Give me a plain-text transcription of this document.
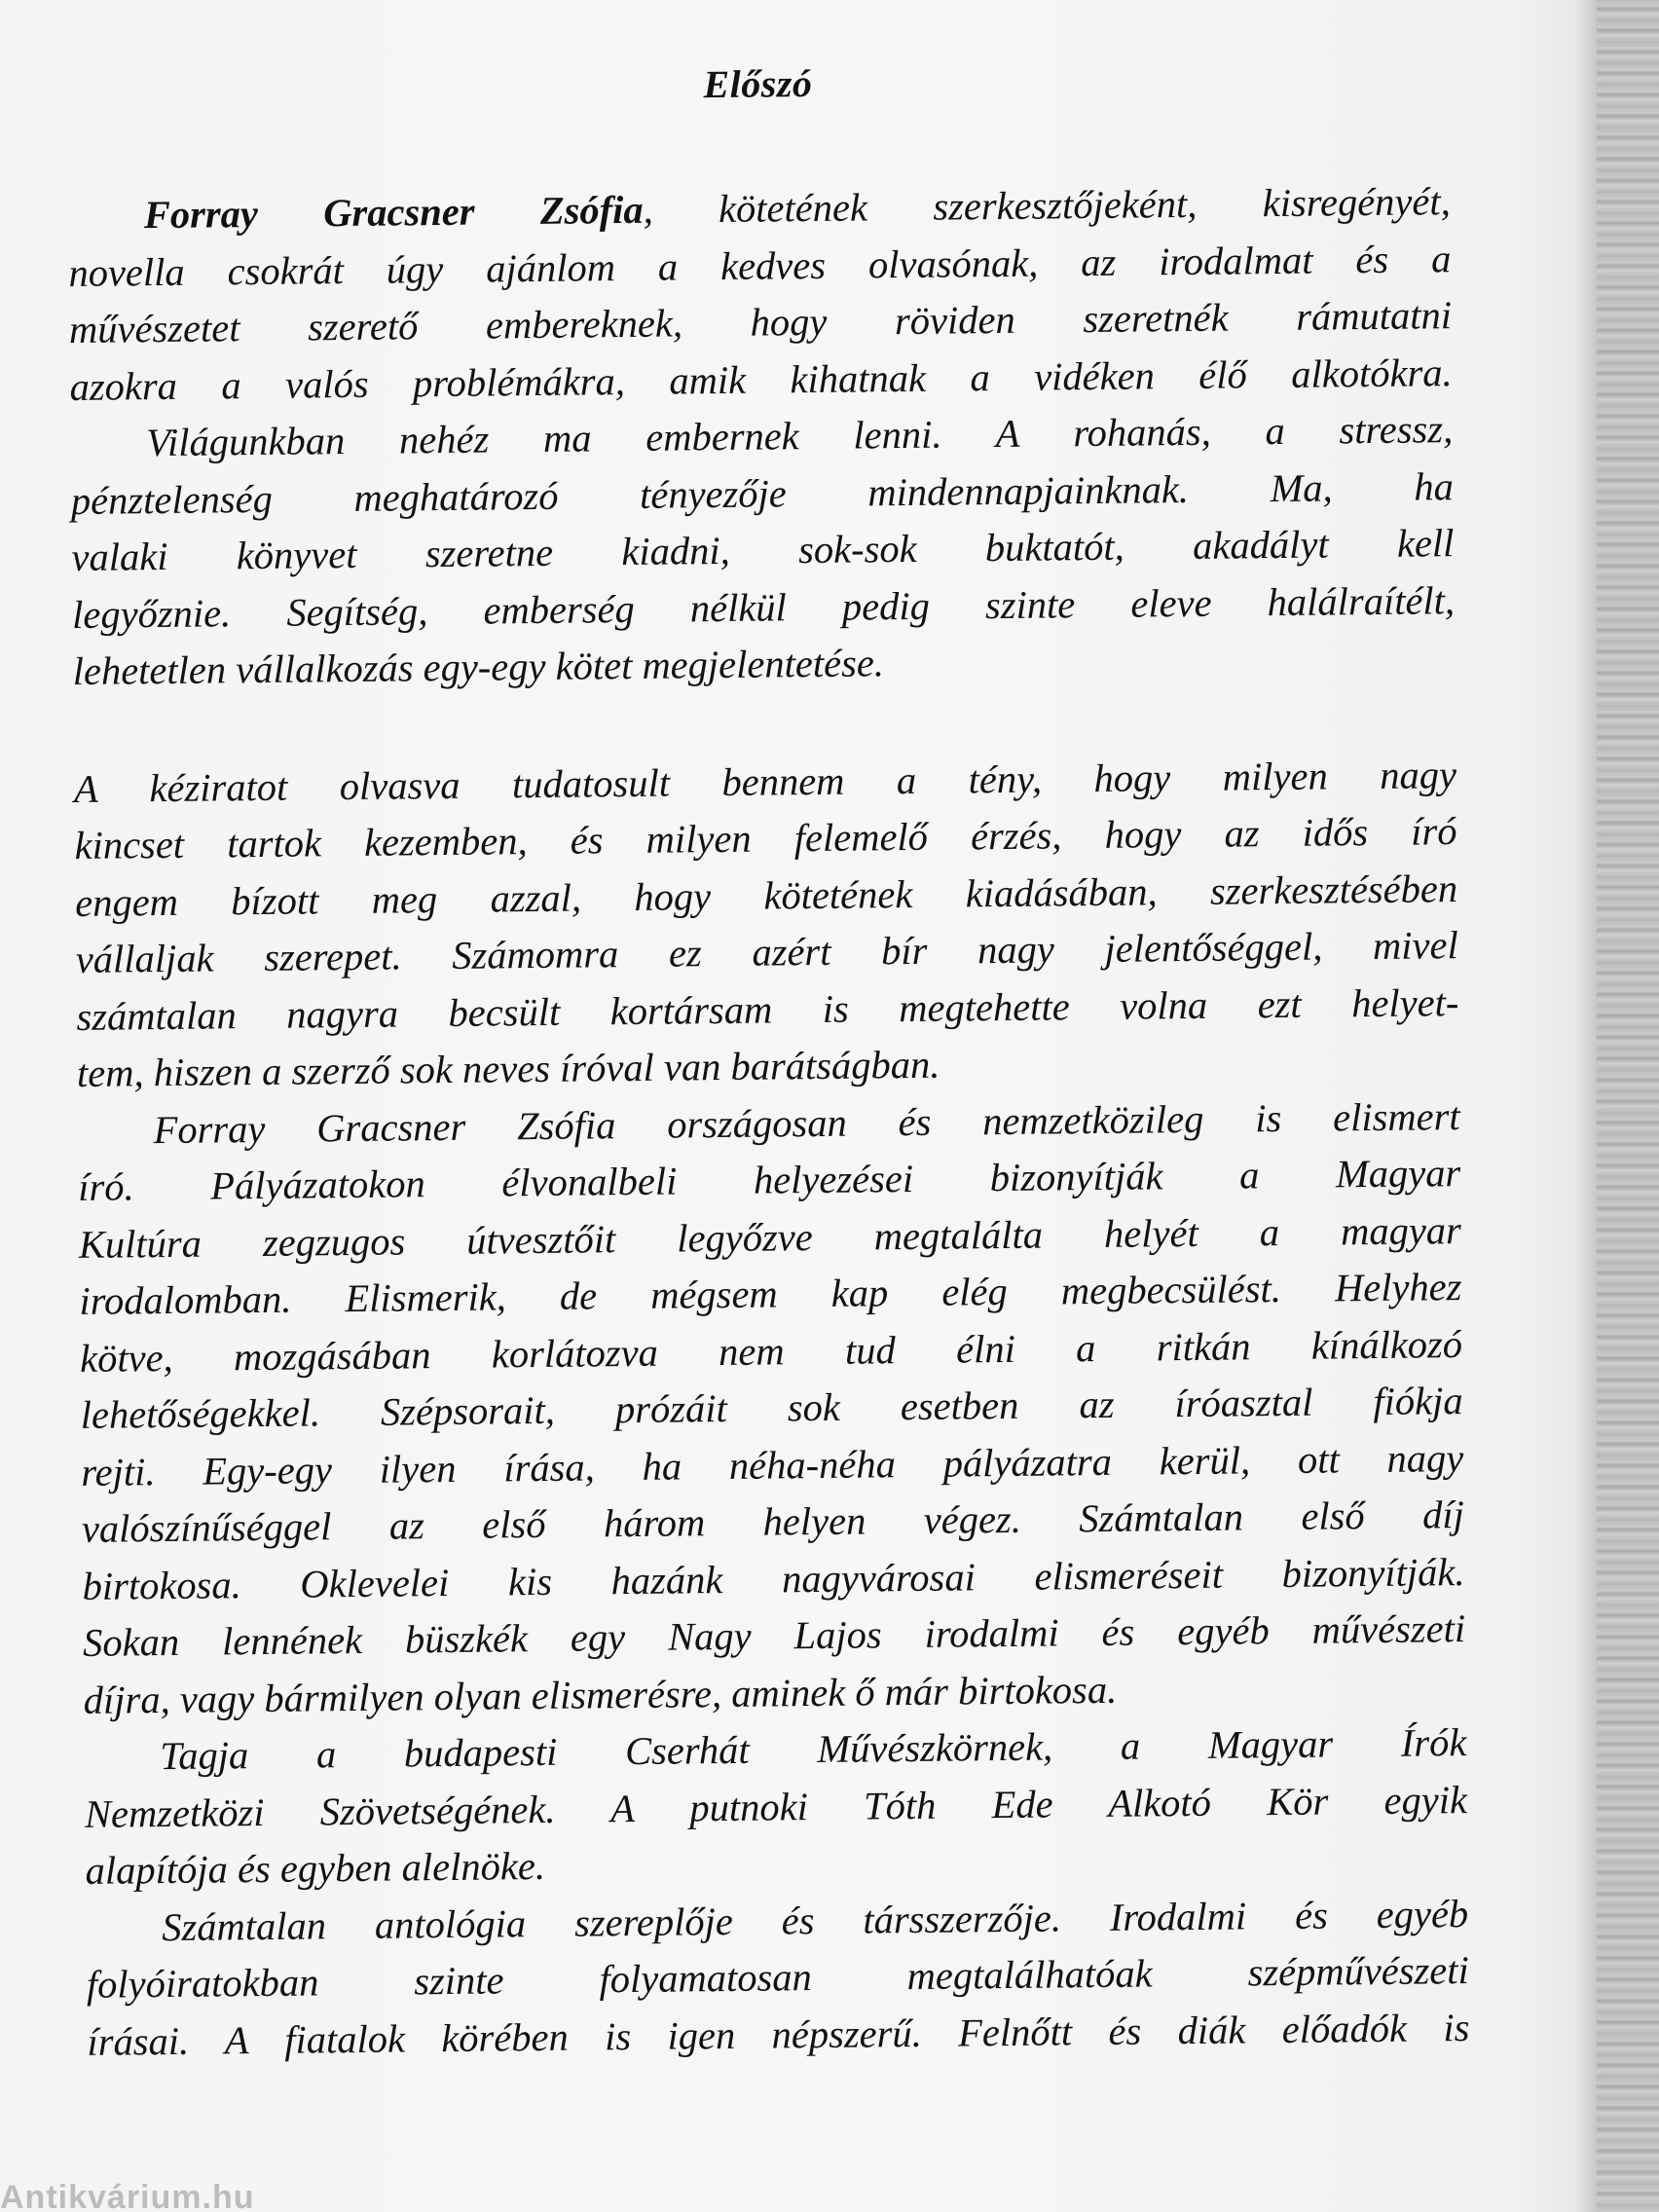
Előszó
Forray Gracsner Zsófia, kötetének szerkesztőjeként, kisregényét,
novella csokrát úgy ajánlom a kedves olvasónak, az irodalmat és a
művészetet szerető embereknek, hogy röviden szeretnék rámutatni
azokra a valós problémákra, amik kihatnak a vidéken élő alkotókra.
Világunkban nehéz ma embernek lenni. A rohanás, a stressz,
pénztelenség meghatározó tényezője mindennapjainknak. Ma, ha
valaki könyvet szeretne kiadni, sok-sok buktatót, akadályt kell
legyőznie. Segítség, emberség nélkül pedig szinte eleve halálraítélt,
lehetetlen vállalkozás egy-egy kötet megjelentetése.
A kéziratot olvasva tudatosult bennem a tény, hogy milyen nagy
kincset tartok kezemben, és milyen felemelő érzés, hogy az idős író
engem bízott meg azzal, hogy kötetének kiadásában, szerkesztésében
vállaljak szerepet. Számomra ez azért bír nagy jelentőséggel, mivel
számtalan nagyra becsült kortársam is megtehette volna ezt helyet-
tem, hiszen a szerző sok neves íróval van barátságban.
Forray Gracsner Zsófia országosan és nemzetközileg is elismert
író. Pályázatokon élvonalbeli helyezései bizonyítják a Magyar
Kultúra zegzugos útvesztőit legyőzve megtalálta helyét a magyar
irodalomban. Elismerik, de mégsem kap elég megbecsülést. Helyhez
kötve, mozgásában korlátozva nem tud élni a ritkán kínálkozó
lehetőségekkel. Szépsorait, prózáit sok esetben az íróasztal fiókja
rejti. Egy-egy ilyen írása, ha néha-néha pályázatra kerül, ott nagy
valószínűséggel az első három helyen végez. Számtalan első díj
birtokosa. Oklevelei kis hazánk nagyvárosai elismeréseit bizonyítják.
Sokan lennének büszkék egy Nagy Lajos irodalmi és egyéb művészeti
díjra, vagy bármilyen olyan elismerésre, aminek ő már birtokosa.
Tagja a budapesti Cserhát Művészkörnek, a Magyar Írók
Nemzetközi Szövetségének. A putnoki Tóth Ede Alkotó Kör egyik
alapítója és egyben alelnöke.
Számtalan antológia szereplője és társszerzője. Irodalmi és egyéb
folyóiratokban szinte folyamatosan megtalálhatóak szépművészeti
írásai. A fiatalok körében is igen népszerű. Felnőtt és diák előadók is
Antikvárium.hu
